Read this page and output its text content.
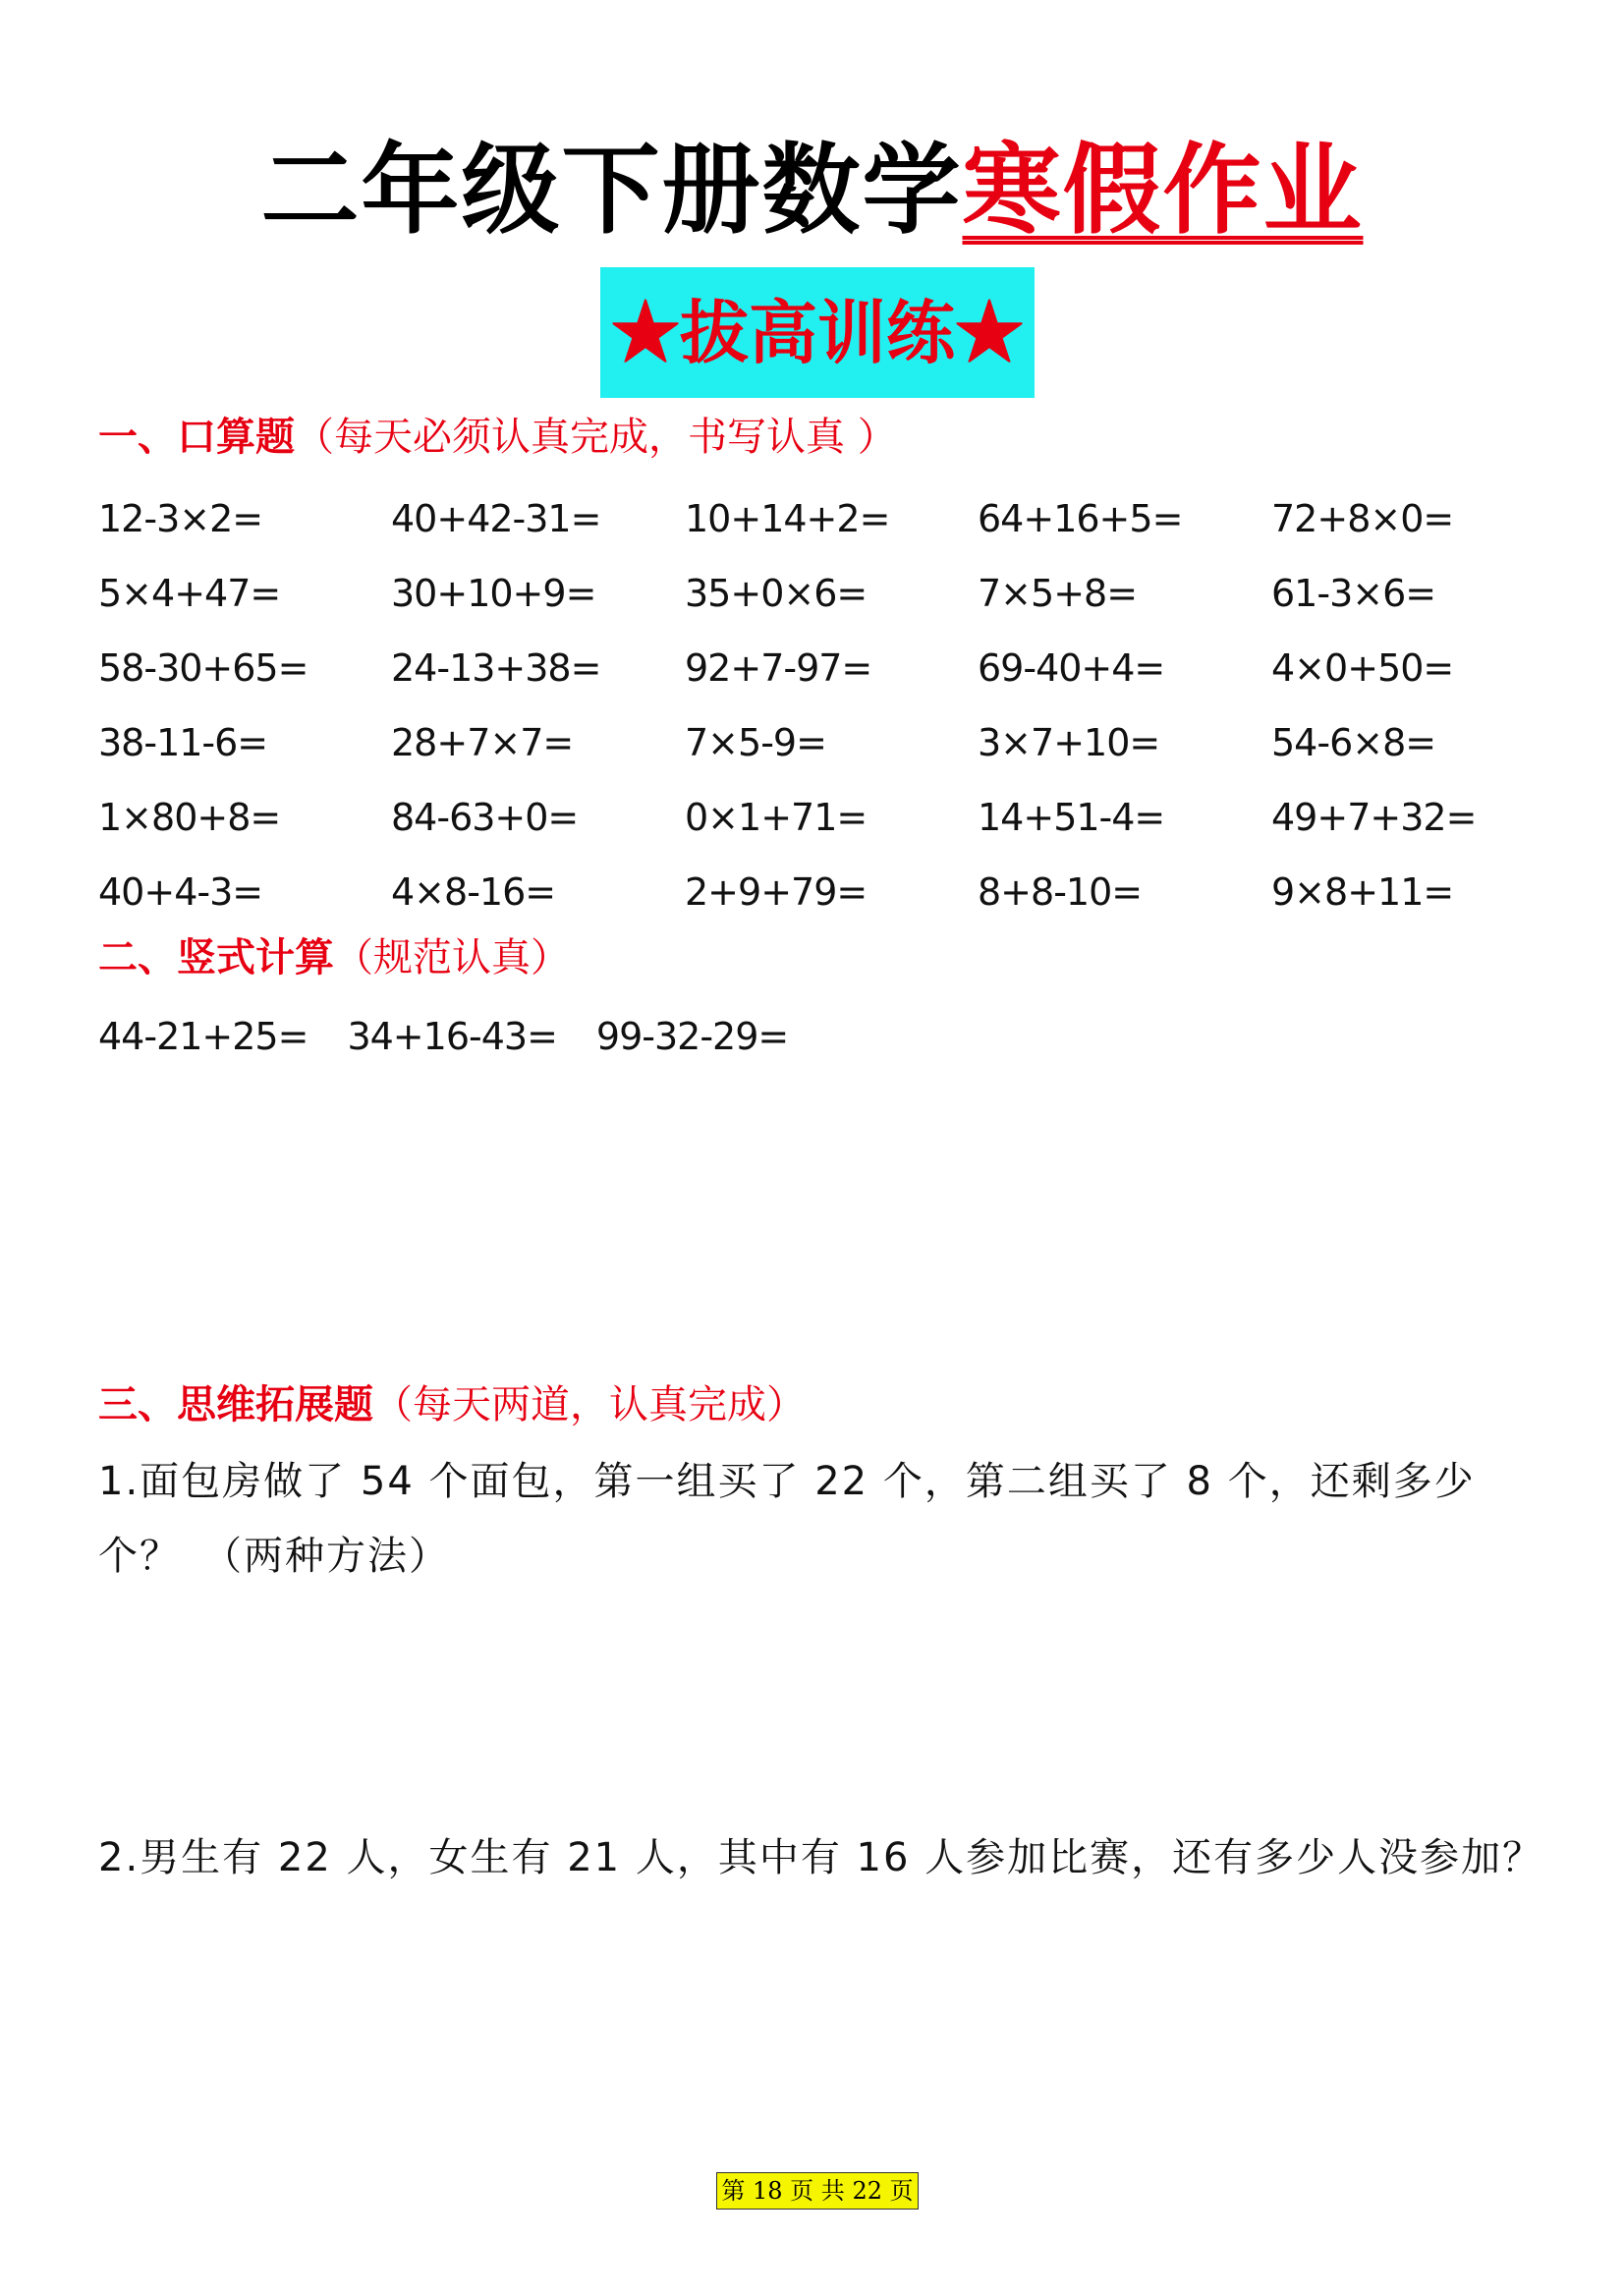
二年级下册数学寒假作业
★拔高训练★
一、口算题（每天必须认真完成，书写认真 ）
12-3×2=	40+42-31=	10+14+2=	64+16+5=	72+8×0=
5×4+47=	30+10+9=	35+0×6=	7×5+8=	61-3×6=
58-30+65=	24-13+38=	92+7-97=	69-40+4=	4×0+50=
38-11-6=	28+7×7=	7×5-9=	3×7+10=	54-6×8=
1×80+8=	84-63+0=	0×1+71=	14+51-4=	49+7+32=
40+4-3=	4×8-16=	2+9+79=	8+8-10=	9×8+11=
二、竖式计算（规范认真）
44-21+25= 34+16-43= 99-32-29=
三、思维拓展题（每天两道，认真完成）
1.面包房做了 54 个面包，第一组买了 22 个，第二组买了 8 个，还剩多少个？　（两种方法）
2.男生有 22 人，女生有 21 人，其中有 16 人参加比赛，还有多少人没参加？
第 18 页 共 22 页
